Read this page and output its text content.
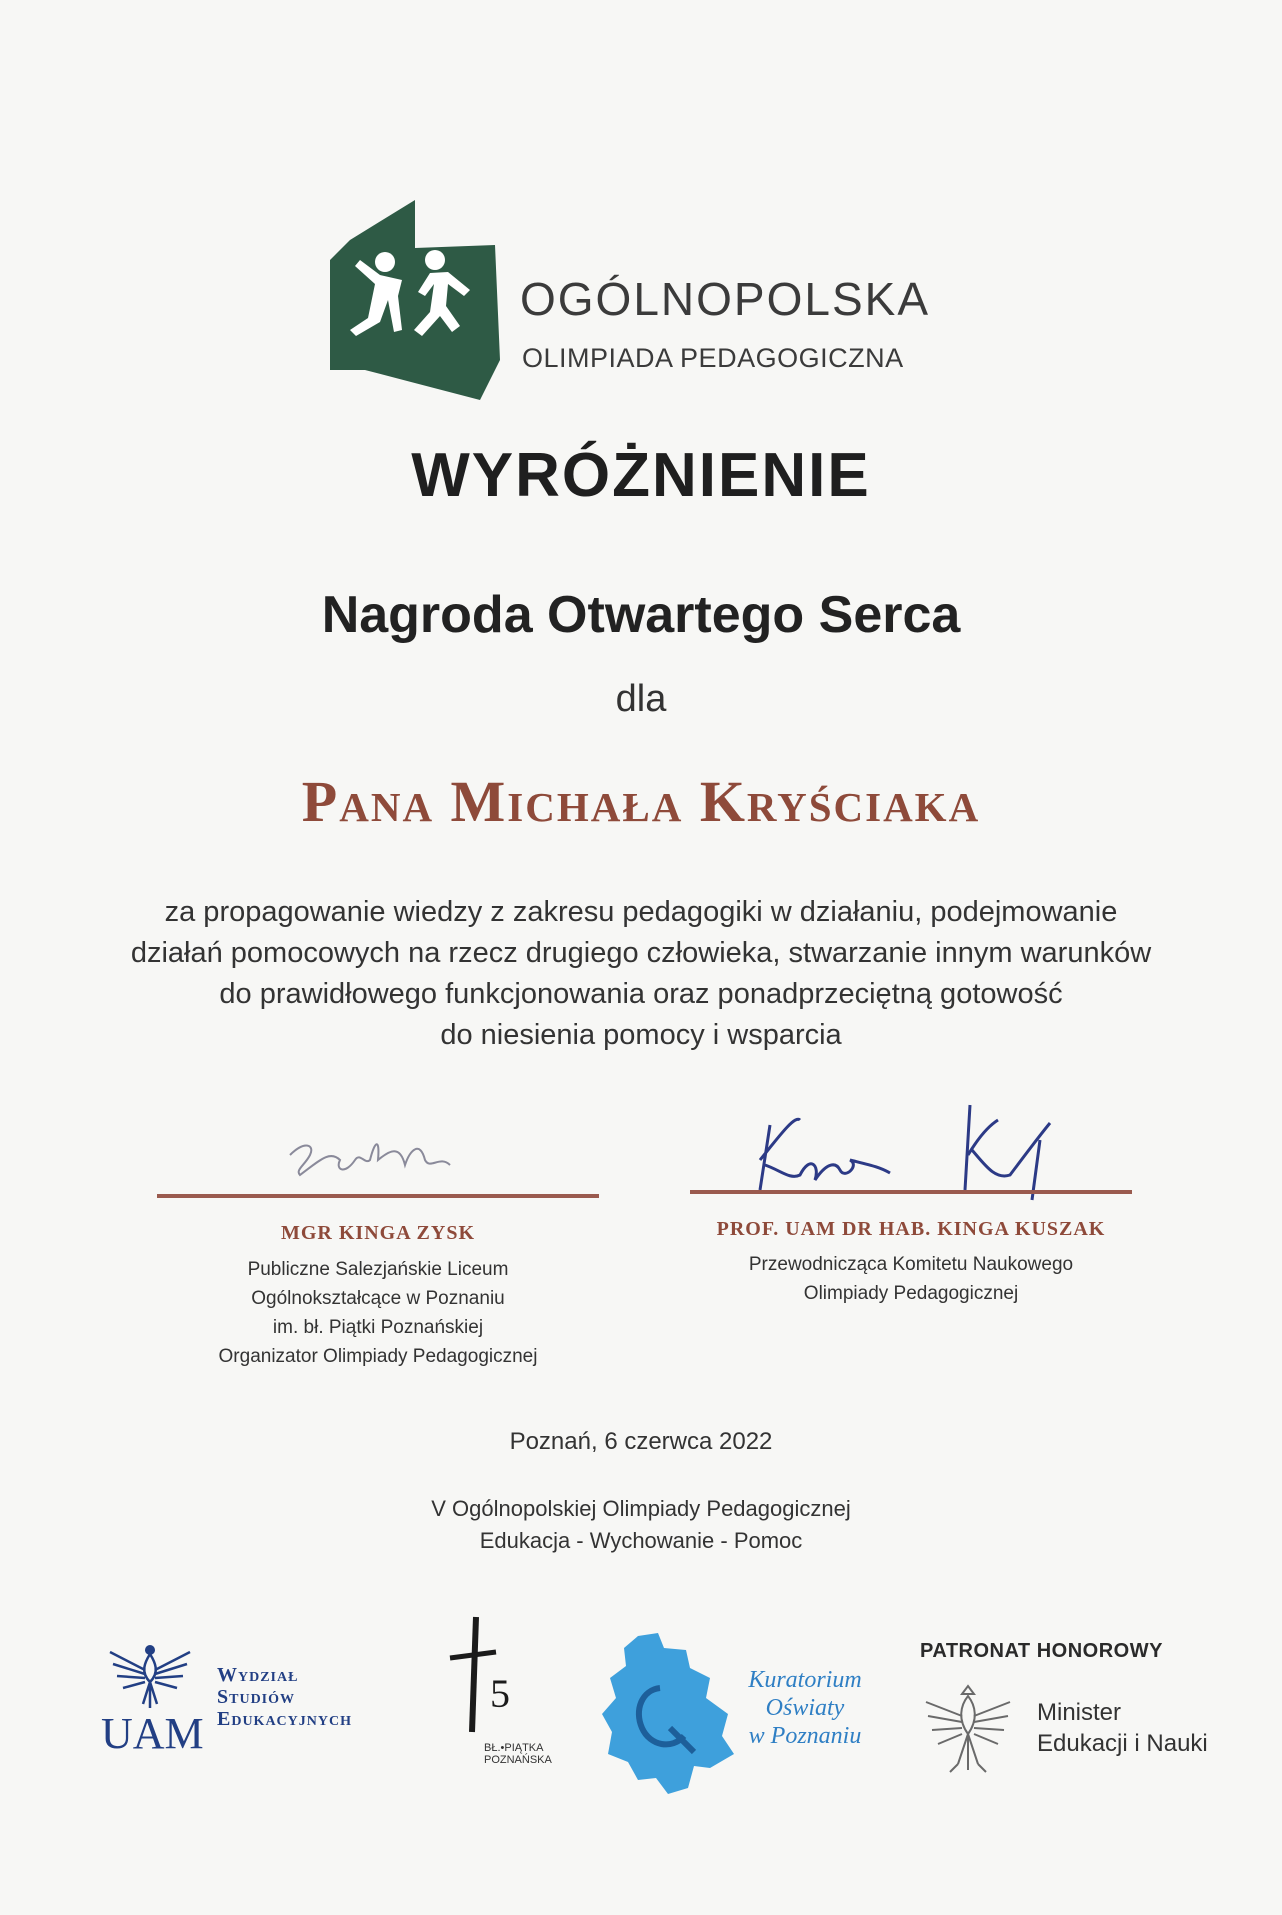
OGÓLNOPOLSKA
OLIMPIADA PEDAGOGICZNA
WYRÓŻNIENIE
Nagroda Otwartego Serca
dla
Pana Michała Kryściaka
za propagowanie wiedzy z zakresu pedagogiki w działaniu, podejmowanie
działań pomocowych na rzecz drugiego człowieka, stwarzanie innym warunków
do prawidłowego funkcjonowania oraz ponadprzeciętną gotowość
do niesienia pomocy i wsparcia
MGR KINGA ZYSK
Publiczne Salezjańskie Liceum
Ogólnokształcące w Poznaniu
im. bł. Piątki Poznańskiej
Organizator Olimpiady Pedagogicznej
PROF. UAM DR HAB. KINGA KUSZAK
Przewodnicząca Komitetu Naukowego
Olimpiady Pedagogicznej
Poznań, 6 czerwca 2022
V Ogólnopolskiej Olimpiady Pedagogicznej
Edukacja - Wychowanie - Pomoc
UAM
Wydział
Studiów
Edukacyjnych
5
BŁ.•PIĄTKA
POZNAŃSKA
Kuratorium
Oświaty
w Poznaniu
PATRONAT HONOROWY
Minister
Edukacji i Nauki
